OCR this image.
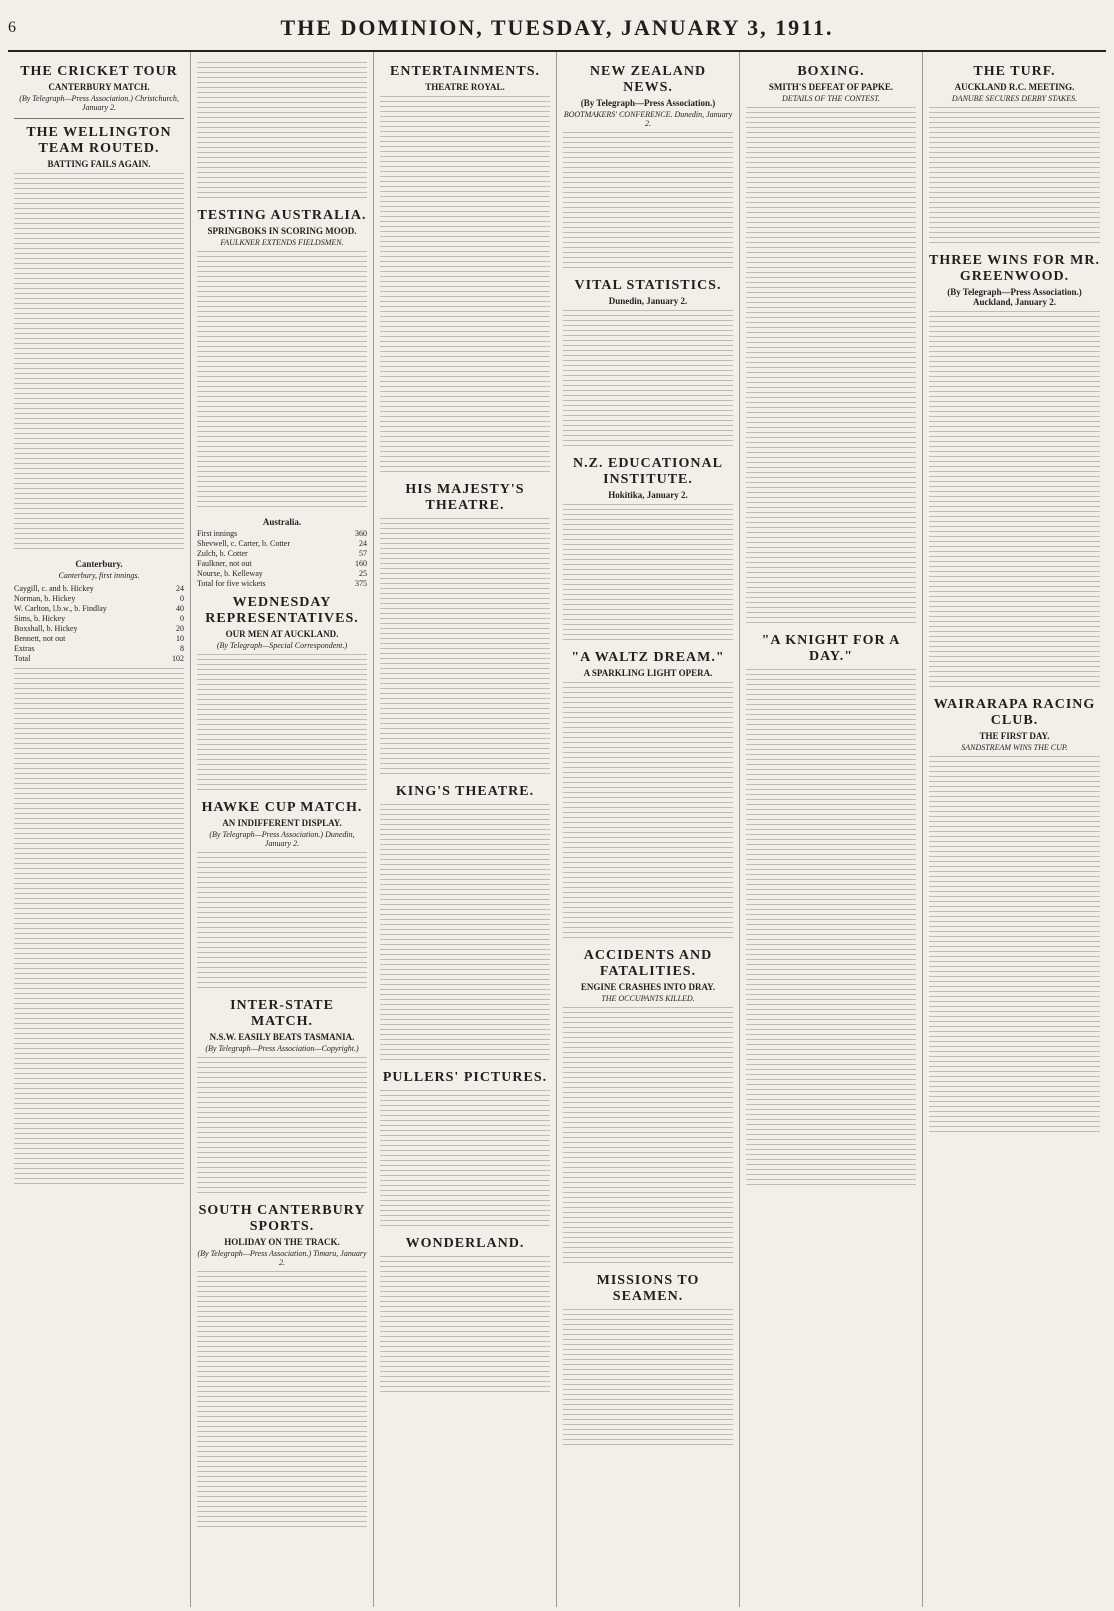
6	THE DOMINION, TUESDAY, JANUARY 3, 1911.
THE CRICKET TOUR
CANTERBURY MATCH.
(By Telegraph—Press Association.) Christchurch, January 2.
THE WELLINGTON TEAM ROUTED.
BATTING FAILS AGAIN.
Canterbury.
Canterbury, first innings.
Caygill, c. and b. Hickey	24
Norman, b. Hickey	0
W. Carlton, l.b.w., b. Findlay	40
Sims, b. Hickey	0
Boxshall, b. Hickey	20
Bennett, not out	10
Extras	8
Total	102
TESTING AUSTRALIA.
SPRINGBOKS IN SCORING MOOD.
FAULKNER EXTENDS FIELDSMEN.
Australia.
First innings	360
Shevwell, c. Carter, b. Cotter	24
Zulch, b. Cotter	57
Faulkner, not out	160
Nourse, b. Kelleway	25
Total for five wickets	375
WEDNESDAY REPRESENTATIVES.
OUR MEN AT AUCKLAND.
(By Telegraph—Special Correspondent.)
HAWKE CUP MATCH.
AN INDIFFERENT DISPLAY.
(By Telegraph—Press Association.) Dunedin, January 2.
INTER-STATE MATCH.
N.S.W. EASILY BEATS TASMANIA.
(By Telegraph—Press Association—Copyright.)
SOUTH CANTERBURY SPORTS.
HOLIDAY ON THE TRACK.
(By Telegraph—Press Association.) Timaru, January 2.
ENTERTAINMENTS.
THEATRE ROYAL.
HIS MAJESTY'S THEATRE.
KING'S THEATRE.
PULLERS' PICTURES.
WONDERLAND.
NEW ZEALAND NEWS.
(By Telegraph—Press Association.)
BOOTMAKERS' CONFERENCE. Dunedin, January 2.
VITAL STATISTICS.
Dunedin, January 2.
N.Z. EDUCATIONAL INSTITUTE.
Hokitika, January 2.
"A WALTZ DREAM."
A SPARKLING LIGHT OPERA.
ACCIDENTS AND FATALITIES.
ENGINE CRASHES INTO DRAY.
THE OCCUPANTS KILLED.
MISSIONS TO SEAMEN.
BOXING.
SMITH'S DEFEAT OF PAPKE.
DETAILS OF THE CONTEST.
"A KNIGHT FOR A DAY."
THE TURF.
AUCKLAND R.C. MEETING.
DANUBE SECURES DERBY STAKES.
THREE WINS FOR MR. GREENWOOD.
(By Telegraph—Press Association.) Auckland, January 2.
WAIRARAPA RACING CLUB.
THE FIRST DAY.
SANDSTREAM WINS THE CUP.
